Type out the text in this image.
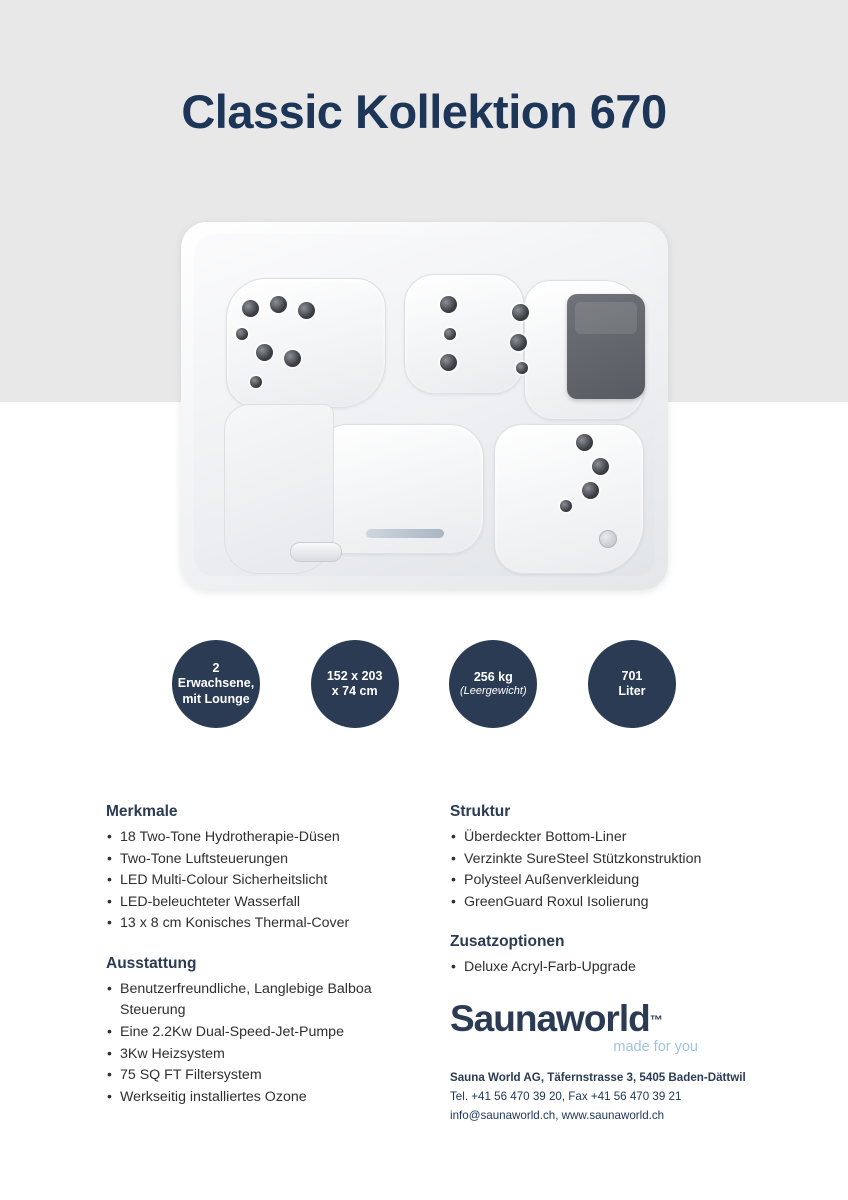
Classic Kollektion 670
2
Erwachsene,
mit Lounge
152 x 203
x 74 cm
256 kg
(Leergewicht)
701
Liter
Merkmale
• 18 Two-Tone Hydrotherapie-Düsen
• Two-Tone Luftsteuerungen
• LED Multi-Colour Sicherheitslicht
• LED-beleuchteter Wasserfall
• 13 x 8 cm Konisches Thermal-Cover
Ausstattung
• Benutzerfreundliche, Langlebige Balboa Steuerung
• Eine 2.2Kw Dual-Speed-Jet-Pumpe
• 3Kw Heizsystem
• 75 SQ FT Filtersystem
• Werkseitig installiertes Ozone
Struktur
• Überdeckter Bottom-Liner
• Verzinkte SureSteel Stützkonstruktion
• Polysteel Außenverkleidung
• GreenGuard Roxul Isolierung
Zusatzoptionen
• Deluxe Acryl-Farb-Upgrade
Saunaworld™
made for you
Sauna World AG, Täfernstrasse 3, 5405 Baden-Dättwil
Tel. +41 56 470 39 20, Fax +41 56 470 39 21
info@saunaworld.ch, www.saunaworld.ch
